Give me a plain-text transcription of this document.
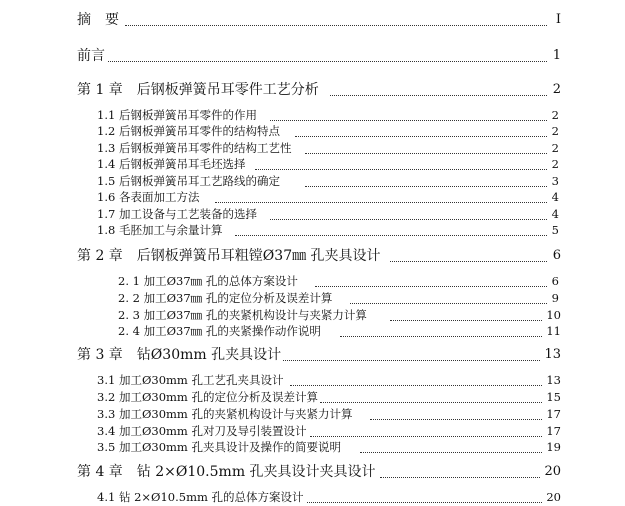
摘　要	I
前言	1
第 1 章　后钢板弹簧吊耳零件工艺分析	2
1.1 后钢板弹簧吊耳零件的作用	2
1.2 后钢板弹簧吊耳零件的结构特点	2
1.3 后钢板弹簧吊耳零件的结构工艺性	2
1.4 后钢板弹簧吊耳毛坯选择	2
1.5 后钢板弹簧吊耳工艺路线的确定	3
1.6 各表面加工方法	4
1.7 加工设备与工艺装备的选择	4
1.8 毛胚加工与余量计算	5
第 2 章　后钢板弹簧吊耳粗镗Ø37㎜ 孔夹具设计	6
2. 1 加工Ø37㎜ 孔的总体方案设计	6
2. 2 加工Ø37㎜ 孔的定位分析及误差计算	9
2. 3 加工Ø37㎜ 孔的夹紧机构设计与夹紧力计算	10
2. 4 加工Ø37㎜ 孔的夹紧操作动作说明	11
第 3 章　钻Ø30mm 孔夹具设计	13
3.1 加工Ø30mm 孔工艺孔夹具设计	13
3.2 加工Ø30mm 孔的定位分析及误差计算	15
3.3 加工Ø30mm 孔的夹紧机构设计与夹紧力计算	17
3.4 加工Ø30mm 孔对刀及导引装置设计	17
3.5 加工Ø30mm 孔夹具设计及操作的简要说明	19
第 4 章　钻 2×Ø10.5mm 孔夹具设计夹具设计	20
4.1 钻 2×Ø10.5mm 孔的总体方案设计	20
